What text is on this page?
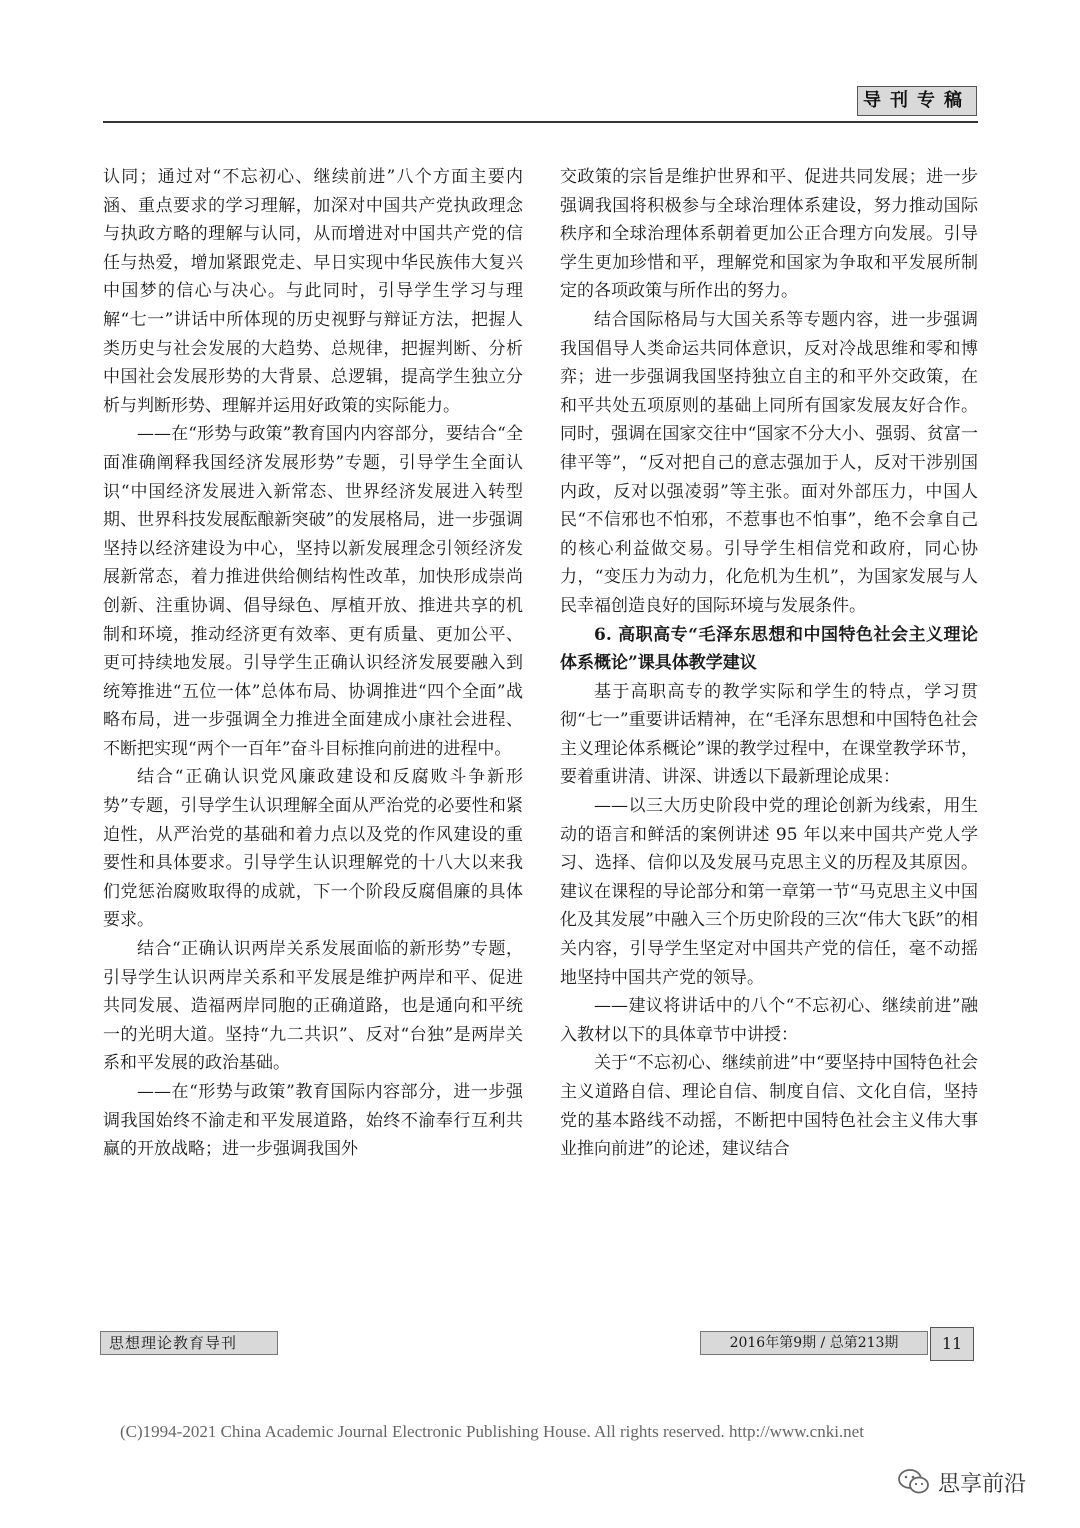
导刊专稿

认同；通过对“不忘初心、继续前进”八个方面主要内涵、重点要求的学习理解，加深对中国共产党执政理念与执政方略的理解与认同，从而增进对中国共产党的信任与热爱，增加紧跟党走、早日实现中华民族伟大复兴中国梦的信心与决心。与此同时，引导学生学习与理解“七一”讲话中所体现的历史视野与辩证方法，把握人类历史与社会发展的大趋势、总规律，把握判断、分析中国社会发展形势的大背景、总逻辑，提高学生独立分析与判断形势、理解并运用好政策的实际能力。

——在“形势与政策”教育国内内容部分，要结合“全面准确阐释我国经济发展形势”专题，引导学生全面认识“中国经济发展进入新常态、世界经济发展进入转型期、世界科技发展酝酿新突破”的发展格局，进一步强调坚持以经济建设为中心，坚持以新发展理念引领经济发展新常态，着力推进供给侧结构性改革，加快形成崇尚创新、注重协调、倡导绿色、厚植开放、推进共享的机制和环境，推动经济更有效率、更有质量、更加公平、更可持续地发展。引导学生正确认识经济发展要融入到统筹推进“五位一体”总体布局、协调推进“四个全面”战略布局，进一步强调全力推进全面建成小康社会进程、不断把实现“两个一百年”奋斗目标推向前进的进程中。

结合“正确认识党风廉政建设和反腐败斗争新形势”专题，引导学生认识理解全面从严治党的必要性和紧迫性，从严治党的基础和着力点以及党的作风建设的重要性和具体要求。引导学生认识理解党的十八大以来我们党惩治腐败取得的成就，下一个阶段反腐倡廉的具体要求。

结合“正确认识两岸关系发展面临的新形势”专题，引导学生认识两岸关系和平发展是维护两岸和平、促进共同发展、造福两岸同胞的正确道路，也是通向和平统一的光明大道。坚持“九二共识”、反对“台独”是两岸关系和平发展的政治基础。

——在“形势与政策”教育国际内容部分，进一步强调我国始终不渝走和平发展道路，始终不渝奉行互利共赢的开放战略；进一步强调我国外

交政策的宗旨是维护世界和平、促进共同发展；进一步强调我国将积极参与全球治理体系建设，努力推动国际秩序和全球治理体系朝着更加公正合理方向发展。引导学生更加珍惜和平，理解党和国家为争取和平发展所制定的各项政策与所作出的努力。

结合国际格局与大国关系等专题内容，进一步强调我国倡导人类命运共同体意识，反对冷战思维和零和博弈；进一步强调我国坚持独立自主的和平外交政策，在和平共处五项原则的基础上同所有国家发展友好合作。同时，强调在国家交往中“国家不分大小、强弱、贫富一律平等”，“反对把自己的意志强加于人，反对干涉别国内政，反对以强凌弱”等主张。面对外部压力，中国人民“不信邪也不怕邪，不惹事也不怕事”，绝不会拿自己的核心利益做交易。引导学生相信党和政府，同心协力，“变压力为动力，化危机为生机”，为国家发展与人民幸福创造良好的国际环境与发展条件。

6. 高职高专“毛泽东思想和中国特色社会主义理论体系概论”课具体教学建议

基于高职高专的教学实际和学生的特点，学习贯彻“七一”重要讲话精神，在“毛泽东思想和中国特色社会主义理论体系概论”课的教学过程中，在课堂教学环节，要着重讲清、讲深、讲透以下最新理论成果：

——以三大历史阶段中党的理论创新为线索，用生动的语言和鲜活的案例讲述 95 年以来中国共产党人学习、选择、信仰以及发展马克思主义的历程及其原因。建议在课程的导论部分和第一章第一节“马克思主义中国化及其发展”中融入三个历史阶段的三次“伟大飞跃”的相关内容，引导学生坚定对中国共产党的信任，毫不动摇地坚持中国共产党的领导。

——建议将讲话中的八个“不忘初心、继续前进”融入教材以下的具体章节中讲授：

关于“不忘初心、继续前进”中“要坚持中国特色社会主义道路自信、理论自信、制度自信、文化自信，坚持党的基本路线不动摇，不断把中国特色社会主义伟大事业推向前进”的论述，建议结合

思想理论教育导刊	2016年第9期 / 总第213期	11
(C)1994-2021 China Academic Journal Electronic Publishing House. All rights reserved. http://www.cnki.net
思享前沿
